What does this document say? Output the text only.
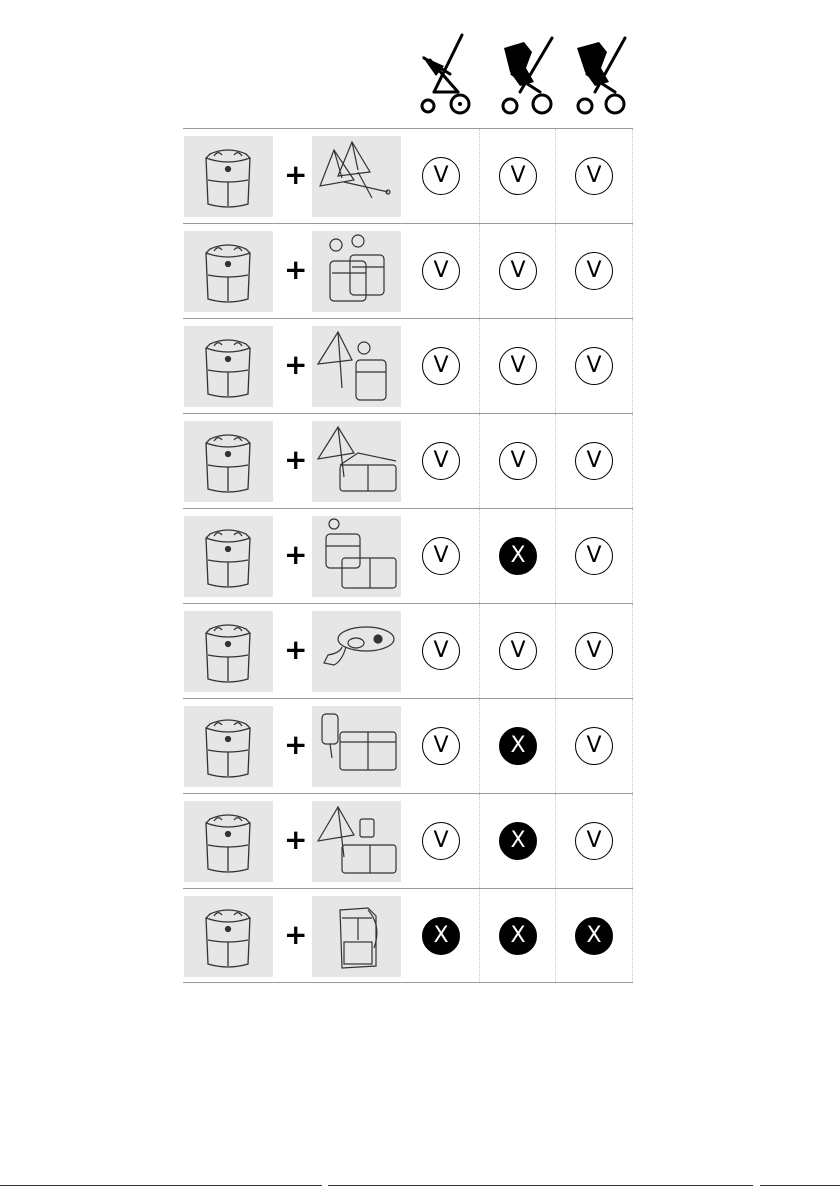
+	V	V	V
+	V	V	V
+	V	V	V
+	V	V	V
+	V	X	V
+	V	V	V
+	V	X	V
+	V	X	V
+	X	X	X
